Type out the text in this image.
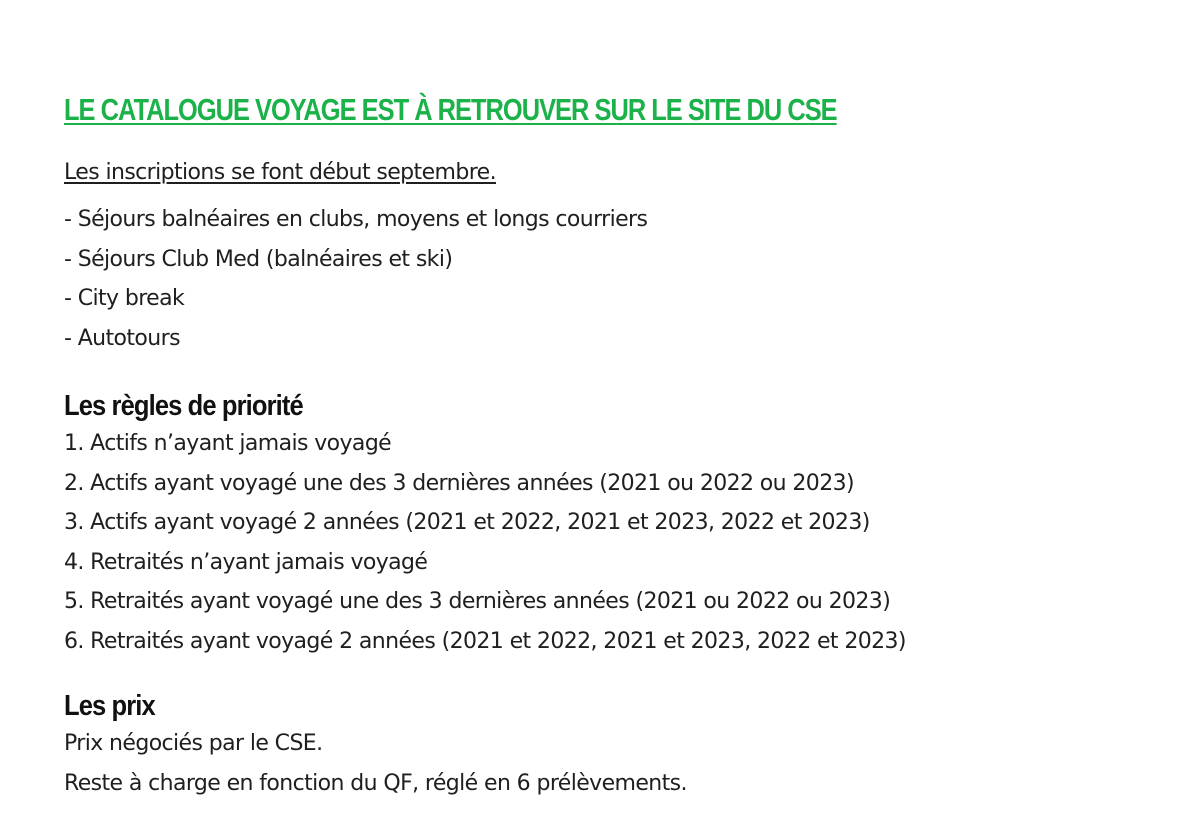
LE CATALOGUE VOYAGE EST À RETROUVER SUR LE SITE DU CSE

Les inscriptions se font début septembre.

- Séjours balnéaires en clubs, moyens et longs courriers

- Séjours Club Med (balnéaires et ski)

- City break

- Autotours

Les règles de priorité

1. Actifs n’ayant jamais voyagé

2. Actifs ayant voyagé une des 3 dernières années (2021 ou 2022 ou 2023)

3. Actifs ayant voyagé 2 années (2021 et 2022, 2021 et 2023, 2022 et 2023)

4. Retraités n’ayant jamais voyagé

5. Retraités ayant voyagé une des 3 dernières années (2021 ou 2022 ou 2023)

6. Retraités ayant voyagé 2 années (2021 et 2022, 2021 et 2023, 2022 et 2023)

Les prix

Prix négociés par le CSE.

Reste à charge en fonction du QF, réglé en 6 prélèvements.
